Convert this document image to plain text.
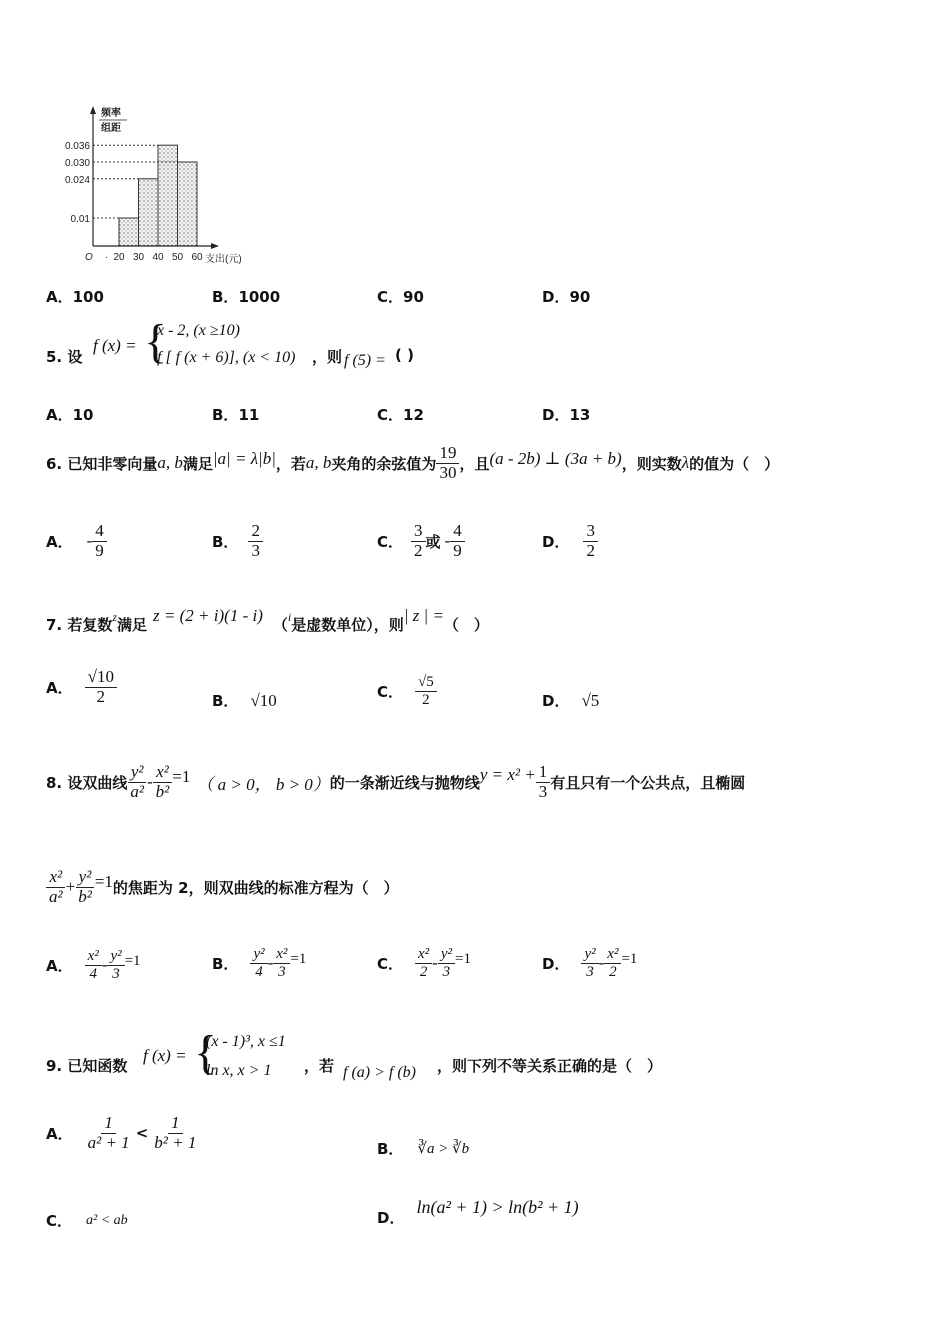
0.036
0.030
0.024
0.01
20 30 40 50 60
O ·	支出(元)
频率
组距
A．100	B．1000	C．90	D．90
5. 设
f (x) = {
x - 2, (x ≥10)
f [ f (x + 6)], (x < 10) ，则 f (5) = ( )
A．10	B．11	C．12	D．13
6. 已知非零向量 a, b 满足 |a| = λ|b| ，若 a, b 夹角的余弦值为 $\frac{19}{30}$ ，且 (a - 2b) ⊥ (3a + b) ，则实数 λ 的值为（　）
A． - $\frac{4}{9}$	B． $\frac{2}{3}$	C． $\frac{3}{2}$ 或 - $\frac{4}{9}$	D． $\frac{3}{2}$
7. 若复数 z 满足 z = (2 + i)(1 - i) （ i 是虚数单位），则 | z | = （　）
A． $\frac{√10}{2}$	B． √10	C． $\frac{√5}{2}$	D． √5
8. 设双曲线 $\frac{\text{y²}}{\text{a²}} - \frac{\text{x²}}{\text{b²}} =1$ （ a > 0， b > 0） 的一条渐近线与抛物线 $y = x^2 + \frac{1}{3}$ 有且只有一个公共点，且椭圆
$\frac{\text{x²}}{\text{a²}} + \frac{\text{y²}}{\text{b²}} =1$ 的焦距为 2，则双曲线的标准方程为（　）
A． $\frac{\text{x²}}{4} - \frac{\text{y²}}{3} =1$	B． $\frac{\text{y²}}{4} - \frac{\text{x²}}{3} =1$	C． $\frac{\text{x²}}{2} - \frac{\text{y²}}{3} =1$	D． $\frac{\text{y²}}{3} - \frac{\text{x²}}{2} =1$
9. 已知函数
f (x) = {
(x - 1)³, x ≤1
ln x, x > 1 ，若 f (a) > f (b) ，则下列不等关系正确的是（　）
A． $\frac{1}{\text{a² + 1}} < \frac{1}{\text{b² + 1}}$	B． ∛a > ∛b
C． a² < ab	D．
ln(a² + 1) > ln(b² + 1)
